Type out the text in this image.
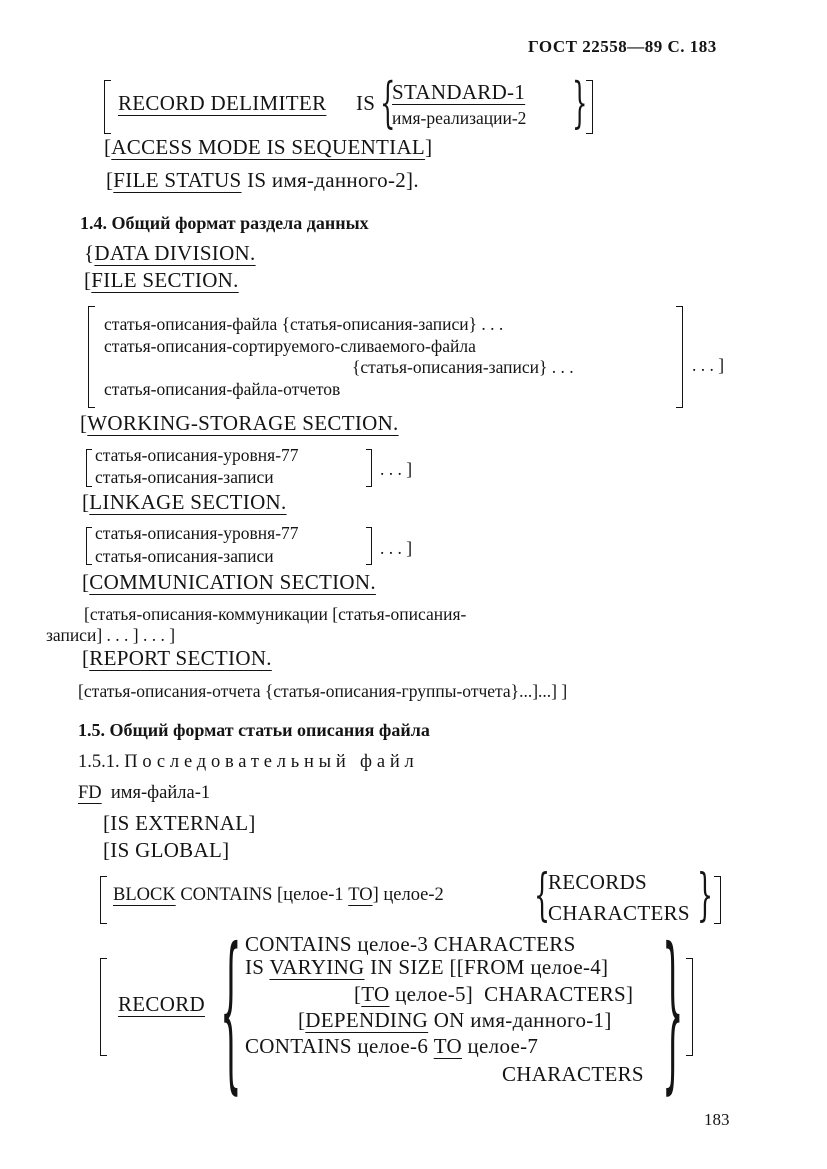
ГОСТ 22558—89 С. 183
RECORD DELIMITER IS {
STANDARD-1
имя-реализации-2 }
[ACCESS MODE IS SEQUENTIAL]
[FILE STATUS IS имя-данного-2].
1.4. Общий формат раздела данных
{DATA DIVISION.
[FILE SECTION.
статья-описания-файла {статья-описания-записи} . . .
статья-описания-сортируемого-сливаемого-файла
{статья-описания-записи} . . .
статья-описания-файла-отчетов
. . . ]
[WORKING-STORAGE SECTION.
статья-описания-уровня-77
статья-описания-записи	. . . ]
[LINKAGE SECTION.
статья-описания-уровня-77
статья-описания-записи	. . . ]
[COMMUNICATION SECTION.
[статья-описания-коммуникации [статья-описания-
записи] . . . ] . . . ]
[REPORT SECTION.
[статья-описания-отчета {статья-описания-группы-отчета}...]...] ]
1.5. Общий формат статьи описания файла
1.5.1. Последовательный файл
FD имя-файла-1
[IS EXTERNAL]
[IS GLOBAL]
BLOCK CONTAINS [целое-1 TO] целое-2 {
RECORDS
CHARACTERS }
RECORD { CONTAINS целое-3 CHARACTERS
IS VARYING IN SIZE [[FROM целое-4]
[TO целое-5]  CHARACTERS]
[DEPENDING ON имя-данного-1]
CONTAINS целое-6 TO целое-7
CHARACTERS }
183
